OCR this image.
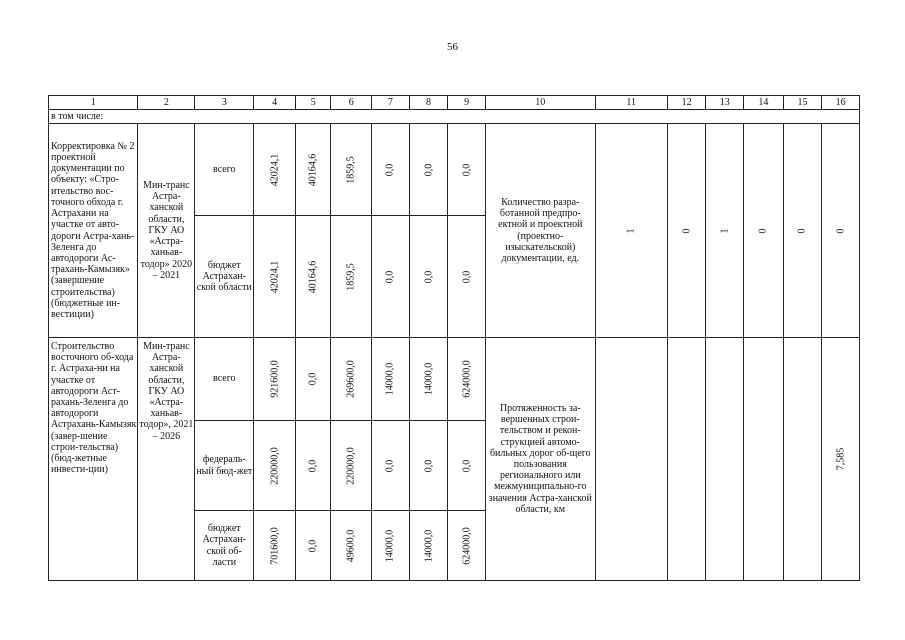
56
1	2	3	4	5	6	7	8	9	10	11	12	13	14	15	16
в том числе:															
Корректировка № 2 проектной документации по объекту: «Стро-ительство вос-точного обхода г. Астрахани на участке от авто-дороги Астра-хань-Зеленга до автодороги Ас-трахань-Камызяк» (завершение строительства) (бюджетные ин-вестиции)	Мин-транс Астра-ханской области, ГКУ АО «Астра-ханьав-тодор» 2020 – 2021	всего	42024,1	40164,6	1859,5	0,0	0,0	0,0	Количество разра-ботанной предпро-ектной и проектной (проектно-изыскательской) документации, ед.	1	0	1	0	0	0

		бюджет Астрахан-ской области	42024,1	40164,6	1859,5	0,0	0,0	0,0							

Строительство восточного об-хода г. Астраха-ни на участке от автодороги Аст-рахань-Зеленга до автодороги Астрахань-Камызяк (завер-шение строи-тельства) (бюд-жетные инвести-ции)	Мин-транс Астра-ханской области, ГКУ АО «Астра-ханьав-тодор», 2021 – 2026	всего	921600,0	0,0	269600,0	14000,0	14000,0	624000,0	Протяженность за-вершенных строи-тельством и рекон-струкцией автомо-бильных дорог об-щего пользования регионального или межмуниципально-го значения Астра-ханской области, км						7,585

		федераль-ный бюд-жет	220000,0	0,0	220000,0	0,0	0,0	0,0							

		бюджет Астрахан-ской об-ласти	701600,0	0,0	49600,0	14000,0	14000,0	624000,0							
